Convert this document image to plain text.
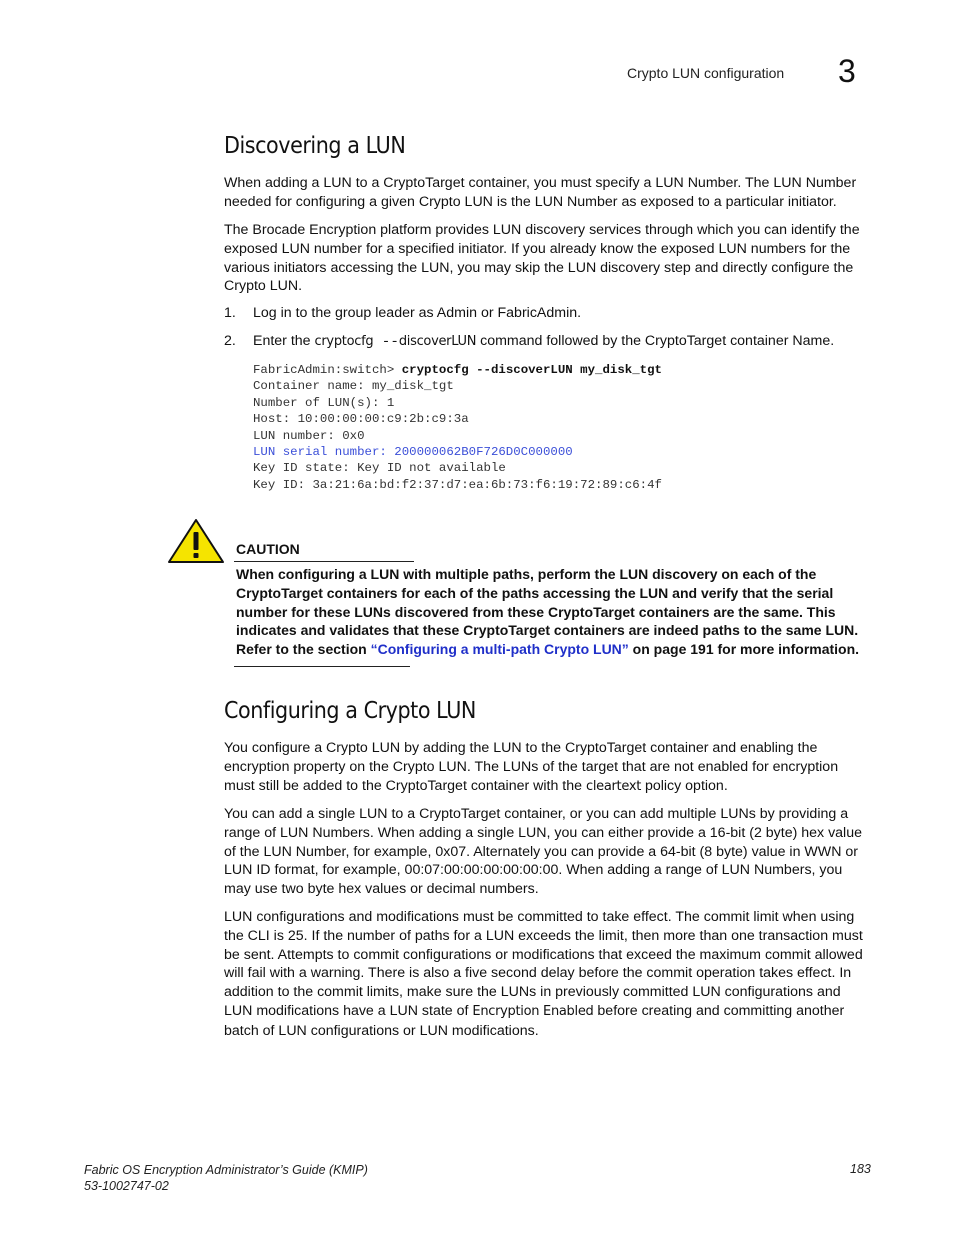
Crypto LUN configuration 3
Discovering a LUN

When adding a LUN to a CryptoTarget container, you must specify a LUN Number. The LUN Number needed for configuring a given Crypto LUN is the LUN Number as exposed to a particular initiator.

The Brocade Encryption platform provides LUN discovery services through which you can identify the exposed LUN number for a specified initiator. If you already know the exposed LUN numbers for the various initiators accessing the LUN, you may skip the LUN discovery step and directly configure the Crypto LUN.

1. Log in to the group leader as Admin or FabricAdmin.
2. Enter the cryptocfg --discoverLUN command followed by the CryptoTarget container Name.
FabricAdmin:switch> cryptocfg --discoverLUN my_disk_tgt
Container name: my_disk_tgt
Number of LUN(s): 1
Host: 10:00:00:00:c9:2b:c9:3a
LUN number: 0x0
LUN serial number: 200000062B0F726D0C000000
Key ID state: Key ID not available
Key ID: 3a:21:6a:bd:f2:37:d7:ea:6b:73:f6:19:72:89:c6:4f
CAUTION

When configuring a LUN with multiple paths, perform the LUN discovery on each of the CryptoTarget containers for each of the paths accessing the LUN and verify that the serial number for these LUNs discovered from these CryptoTarget containers are the same. This indicates and validates that these CryptoTarget containers are indeed paths to the same LUN. Refer to the section “Configuring a multi-path Crypto LUN” on page 191 for more information.

Configuring a Crypto LUN

You configure a Crypto LUN by adding the LUN to the CryptoTarget container and enabling the encryption property on the Crypto LUN. The LUNs of the target that are not enabled for encryption must still be added to the CryptoTarget container with the cleartext policy option.

You can add a single LUN to a CryptoTarget container, or you can add multiple LUNs by providing a range of LUN Numbers. When adding a single LUN, you can either provide a 16-bit (2 byte) hex value of the LUN Number, for example, 0x07. Alternately you can provide a 64-bit (8 byte) value in WWN or LUN ID format, for example, 00:07:00:00:00:00:00:00. When adding a range of LUN Numbers, you may use two byte hex values or decimal numbers.

LUN configurations and modifications must be committed to take effect. The commit limit when using the CLI is 25. If the number of paths for a LUN exceeds the limit, then more than one transaction must be sent. Attempts to commit configurations or modifications that exceed the maximum commit allowed will fail with a warning. There is also a five second delay before the commit operation takes effect. In addition to the commit limits, make sure the LUNs in previously committed LUN configurations and LUN modifications have a LUN state of Encryption Enabled before creating and committing another batch of LUN configurations or LUN modifications.

Fabric OS Encryption Administrator’s Guide (KMIP)
53-1002747-02
183
